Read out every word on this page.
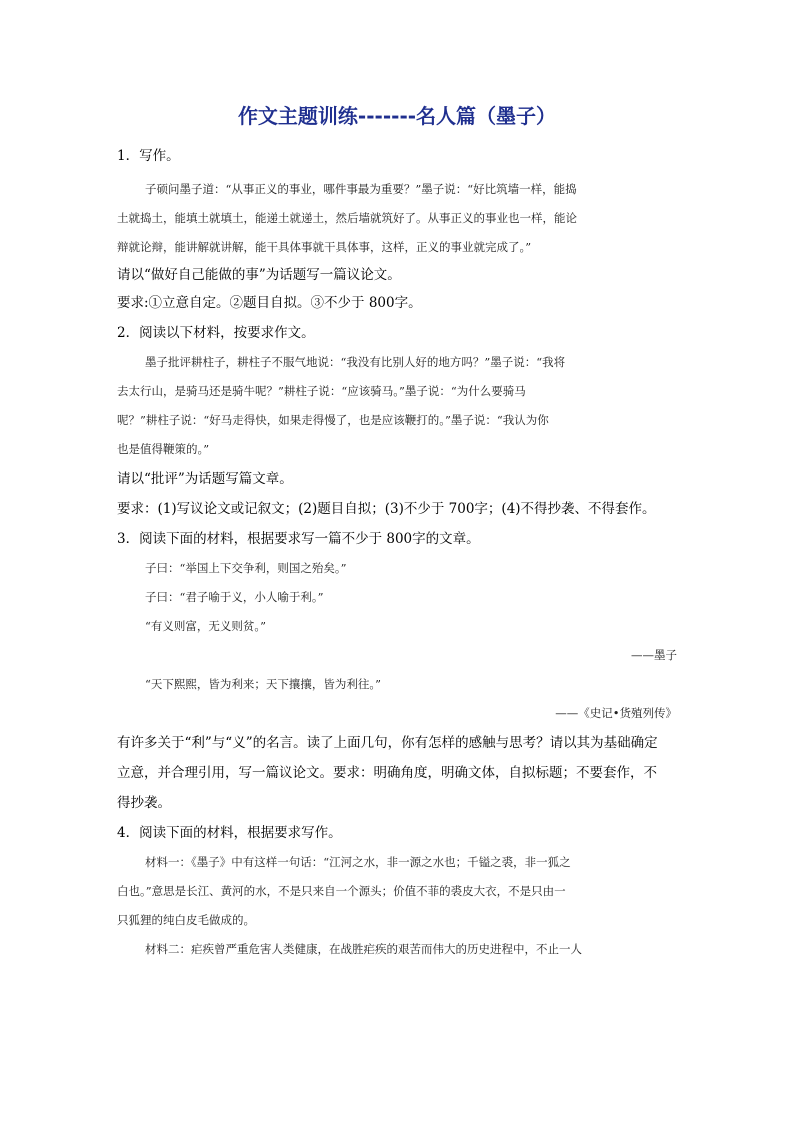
作文主题训练-------名人篇（墨子）

1．写作。

子硕问墨子道：“从事正义的事业，哪件事最为重要？”墨子说：“好比筑墙一样，能捣

土就捣土，能填土就填土，能递土就递土，然后墙就筑好了。从事正义的事业也一样，能论

辩就论辩，能讲解就讲解，能干具体事就干具体事，这样，正义的事业就完成了。”

请以“做好自己能做的事”为话题写一篇议论文。

要求:①立意自定。②题目自拟。③不少于 800字。

2．阅读以下材料，按要求作文。

墨子批评耕柱子，耕柱子不服气地说：“我没有比别人好的地方吗？”墨子说：“我将

去太行山，是骑马还是骑牛呢？”耕柱子说：“应该骑马。”墨子说：“为什么要骑马

呢？”耕柱子说：“好马走得快，如果走得慢了，也是应该鞭打的。”墨子说：“我认为你

也是值得鞭策的。”

请以“批评”为话题写篇文章。

要求：(1)写议论文或记叙文；(2)题目自拟；(3)不少于 700字；(4)不得抄袭、不得套作。

3．阅读下面的材料，根据要求写一篇不少于 800字的文章。

子曰：“举国上下交争利，则国之殆矣。”

子曰：“君子喻于义，小人喻于利。”

“有义则富，无义则贫。”

——墨子

“天下熙熙，皆为利来；天下攘攘，皆为利往。”

——《史记•货殖列传》

有许多关于“利”与“义”的名言。读了上面几句，你有怎样的感触与思考？请以其为基础确定

立意，并合理引用，写一篇议论文。要求：明确角度，明确文体，自拟标题；不要套作，不

得抄袭。

4．阅读下面的材料，根据要求写作。

材料一：《墨子》中有这样一句话：“江河之水，非一源之水也；千镒之裘，非一狐之

白也。”意思是长江、黄河的水，不是只来自一个源头；价值不菲的裘皮大衣，不是只由一

只狐狸的纯白皮毛做成的。

材料二：疟疾曾严重危害人类健康，在战胜疟疾的艰苦而伟大的历史进程中，不止一人
